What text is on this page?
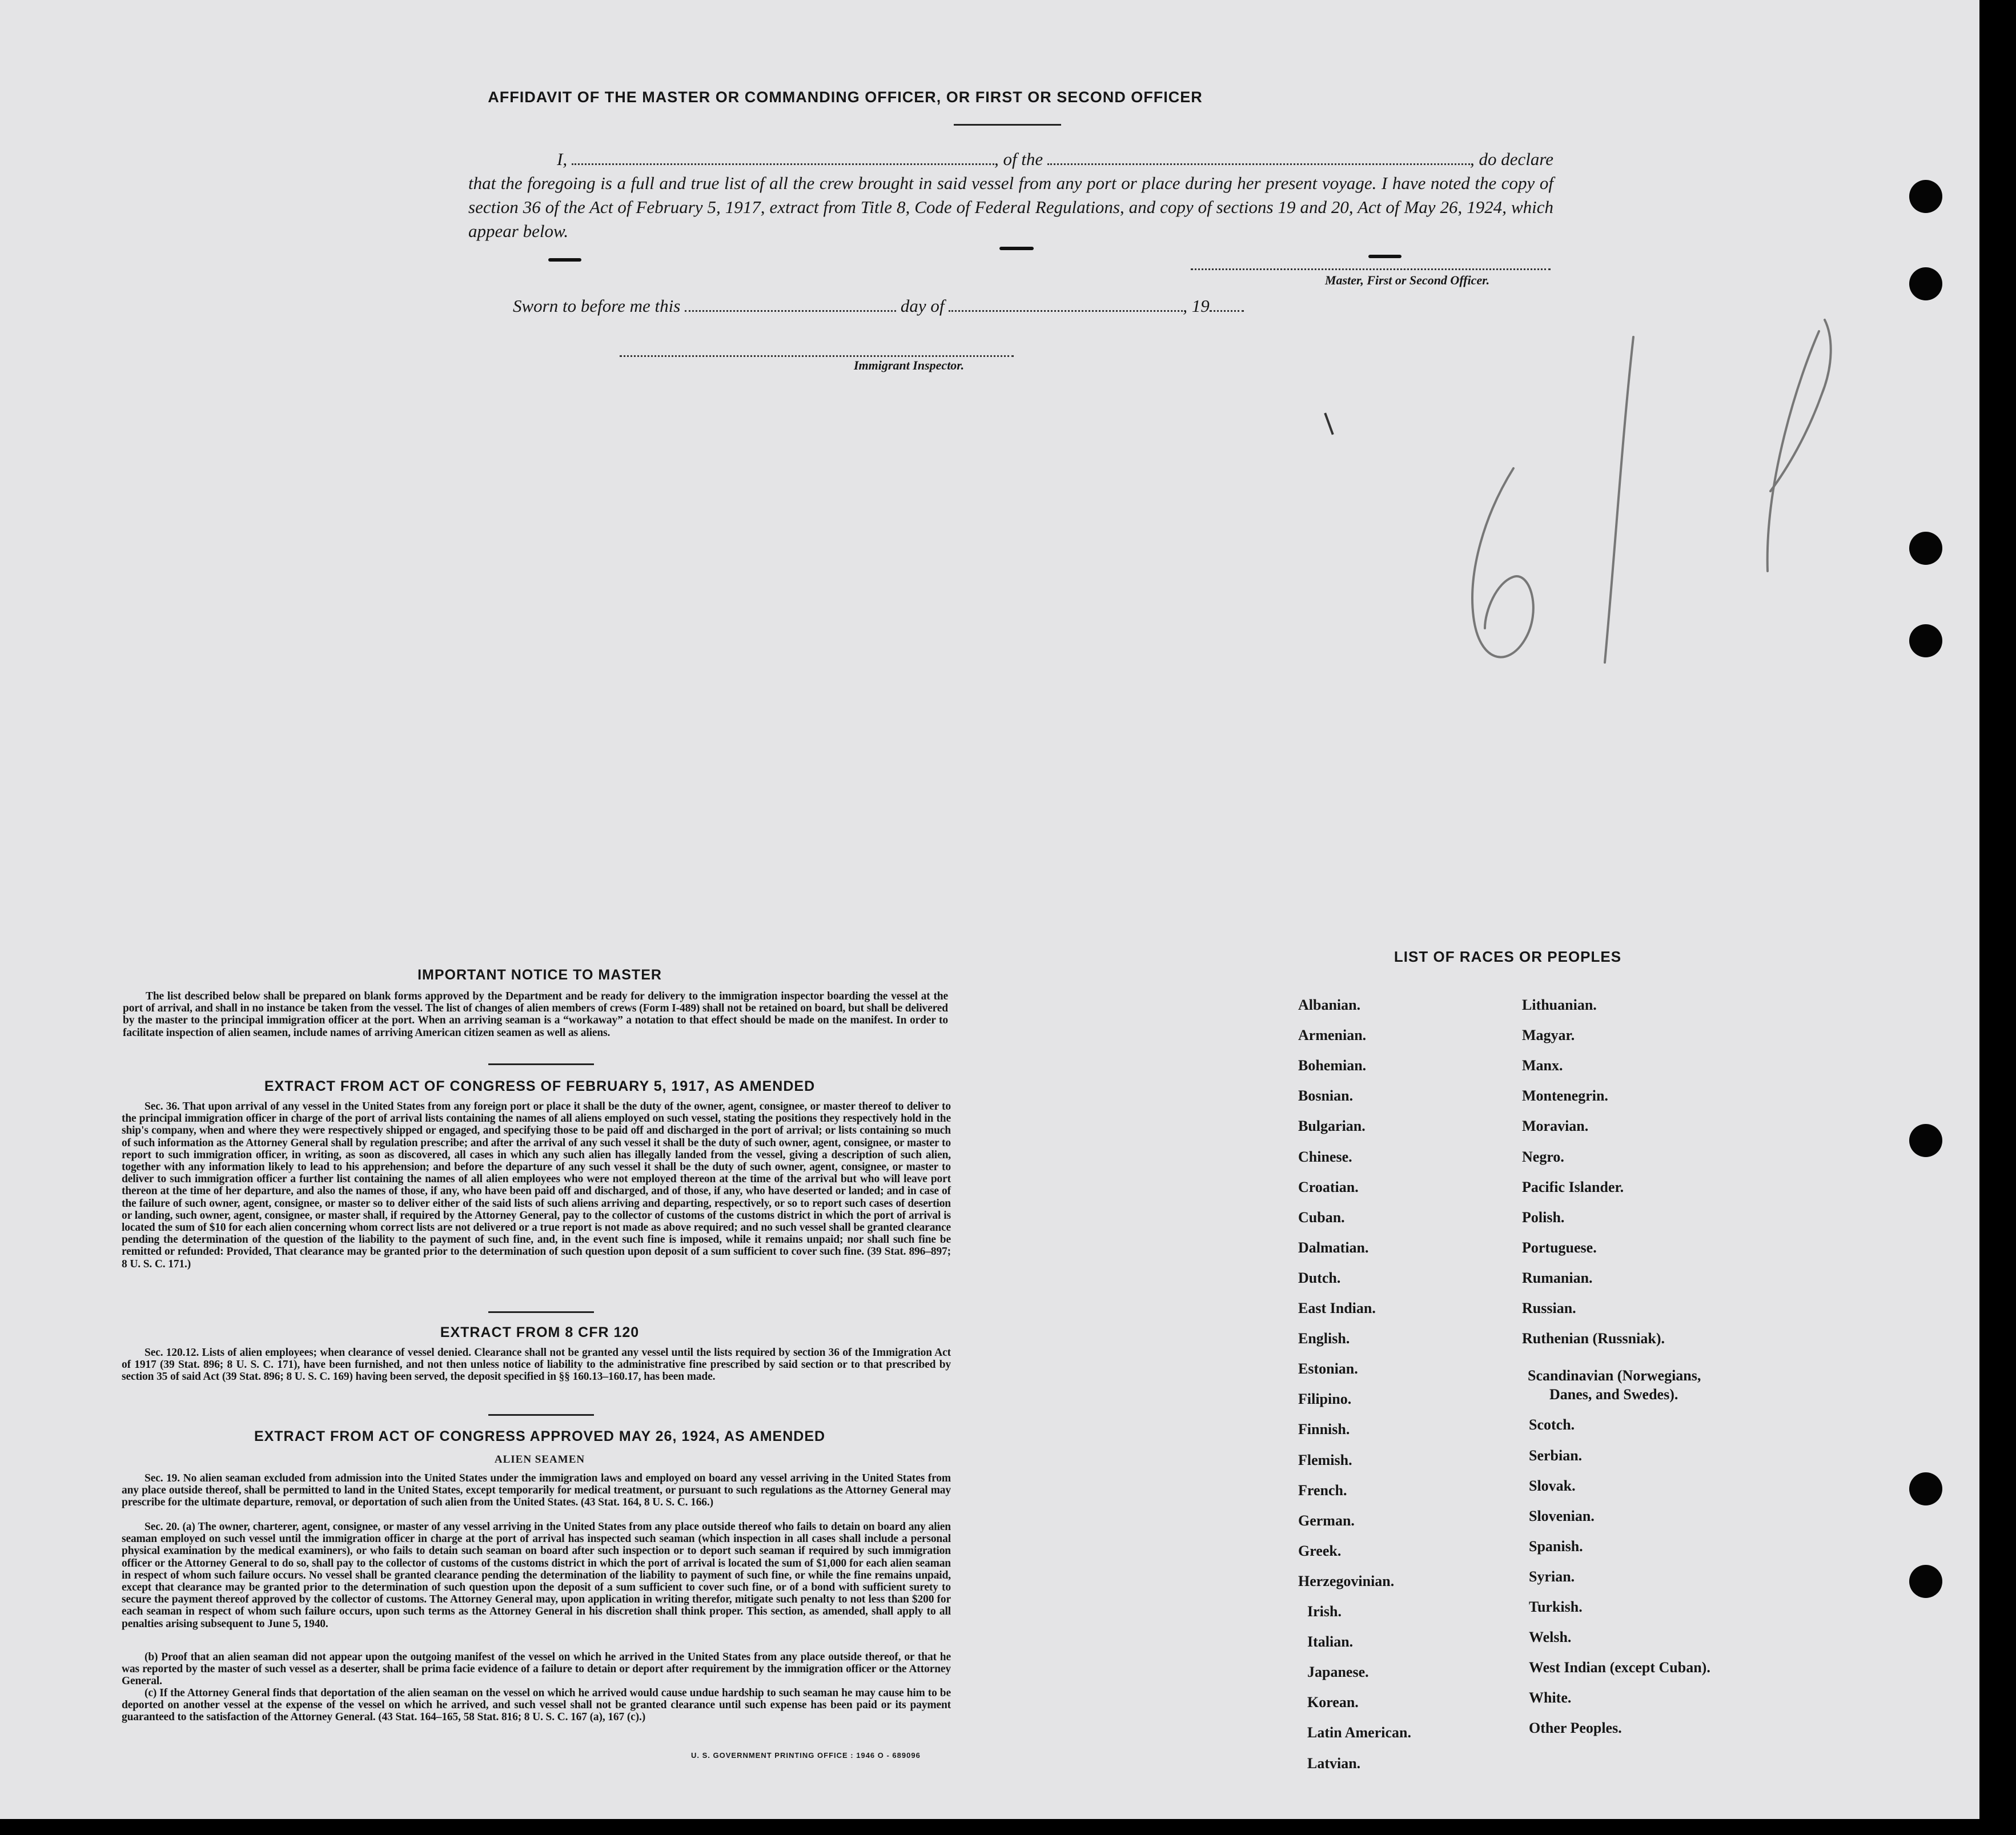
AFFIDAVIT OF THE MASTER OR COMMANDING OFFICER, OR FIRST OR SECOND OFFICER
I,	, of the	, do declare

that the foregoing is a full and true list of all the crew brought in said vessel from any port or place during her present voyage. I have noted the copy of section 36 of the Act of February 5, 1917, extract from Title 8, Code of Federal Regulations, and copy of sections 19 and 20, Act of May 26, 1924, which appear below.

Master, First or Second Officer.
Sworn to before me this	day of	, 19
Immigrant Inspector.
IMPORTANT NOTICE TO MASTER

The list described below shall be prepared on blank forms approved by the Department and be ready for delivery to the immigration inspector boarding the vessel at the port of arrival, and shall in no instance be taken from the vessel. The list of changes of alien members of crews (Form I-489) shall not be retained on board, but shall be delivered by the master to the principal immigration officer at the port. When an arriving seaman is a “workaway” a notation to that effect should be made on the manifest. In order to facilitate inspection of alien seamen, include names of arriving American citizen seamen as well as aliens.

EXTRACT FROM ACT OF CONGRESS OF FEBRUARY 5, 1917, AS AMENDED

Sec. 36. That upon arrival of any vessel in the United States from any foreign port or place it shall be the duty of the owner, agent, consignee, or master thereof to deliver to the principal immigration officer in charge of the port of arrival lists containing the names of all aliens employed on such vessel, stating the positions they respectively hold in the ship's company, when and where they were respectively shipped or engaged, and specifying those to be paid off and discharged in the port of arrival; or lists containing so much of such information as the Attorney General shall by regulation prescribe; and after the arrival of any such vessel it shall be the duty of such owner, agent, consignee, or master to report to such immigration officer, in writing, as soon as discovered, all cases in which any such alien has illegally landed from the vessel, giving a description of such alien, together with any information likely to lead to his apprehension; and before the departure of any such vessel it shall be the duty of such owner, agent, consignee, or master to deliver to such immigration officer a further list containing the names of all alien employees who were not employed thereon at the time of the arrival but who will leave port thereon at the time of her departure, and also the names of those, if any, who have been paid off and discharged, and of those, if any, who have deserted or landed; and in case of the failure of such owner, agent, consignee, or master so to deliver either of the said lists of such aliens arriving and departing, respectively, or so to report such cases of desertion or landing, such owner, agent, consignee, or master shall, if required by the Attorney General, pay to the collector of customs of the customs district in which the port of arrival is located the sum of $10 for each alien concerning whom correct lists are not delivered or a true report is not made as above required; and no such vessel shall be granted clearance pending the determination of the question of the liability to the payment of such fine, and, in the event such fine is imposed, while it remains unpaid; nor shall such fine be remitted or refunded: Provided, That clearance may be granted prior to the determination of such question upon deposit of a sum sufficient to cover such fine. (39 Stat. 896–897; 8 U. S. C. 171.)

EXTRACT FROM 8 CFR 120

Sec. 120.12. Lists of alien employees; when clearance of vessel denied. Clearance shall not be granted any vessel until the lists required by section 36 of the Immigration Act of 1917 (39 Stat. 896; 8 U. S. C. 171), have been furnished, and not then unless notice of liability to the administrative fine prescribed by said section or to that prescribed by section 35 of said Act (39 Stat. 896; 8 U. S. C. 169) having been served, the deposit specified in §§ 160.13–160.17, has been made.

EXTRACT FROM ACT OF CONGRESS APPROVED MAY 26, 1924, AS AMENDED
ALIEN SEAMEN

Sec. 19. No alien seaman excluded from admission into the United States under the immigration laws and employed on board any vessel arriving in the United States from any place outside thereof, shall be permitted to land in the United States, except temporarily for medical treatment, or pursuant to such regulations as the Attorney General may prescribe for the ultimate departure, removal, or deportation of such alien from the United States. (43 Stat. 164, 8 U. S. C. 166.)

Sec. 20. (a) The owner, charterer, agent, consignee, or master of any vessel arriving in the United States from any place outside thereof who fails to detain on board any alien seaman employed on such vessel until the immigration officer in charge at the port of arrival has inspected such seaman (which inspection in all cases shall include a personal physical examination by the medical examiners), or who fails to detain such seaman on board after such inspection or to deport such seaman if required by such immigration officer or the Attorney General to do so, shall pay to the collector of customs of the customs district in which the port of arrival is located the sum of $1,000 for each alien seaman in respect of whom such failure occurs. No vessel shall be granted clearance pending the determination of the liability to payment of such fine, or while the fine remains unpaid, except that clearance may be granted prior to the determination of such question upon the deposit of a sum sufficient to cover such fine, or of a bond with sufficient surety to secure the payment thereof approved by the collector of customs. The Attorney General may, upon application in writing therefor, mitigate such penalty to not less than $200 for each seaman in respect of whom such failure occurs, upon such terms as the Attorney General in his discretion shall think proper. This section, as amended, shall apply to all penalties arising subsequent to June 5, 1940.

(b) Proof that an alien seaman did not appear upon the outgoing manifest of the vessel on which he arrived in the United States from any place outside thereof, or that he was reported by the master of such vessel as a deserter, shall be prima facie evidence of a failure to detain or deport after requirement by the immigration officer or the Attorney General.

(c) If the Attorney General finds that deportation of the alien seaman on the vessel on which he arrived would cause undue hardship to such seaman he may cause him to be deported on another vessel at the expense of the vessel on which he arrived, and such vessel shall not be granted clearance until such expense has been paid or its payment guaranteed to the satisfaction of the Attorney General. (43 Stat. 164–165, 58 Stat. 816; 8 U. S. C. 167 (a), 167 (c).)

U. S. GOVERNMENT PRINTING OFFICE : 1946 O - 689096
LIST OF RACES OR PEOPLES
Albanian.
Armenian.
Bohemian.
Bosnian.
Bulgarian.
Chinese.
Croatian.
Cuban.
Dalmatian.
Dutch.
East Indian.
English.
Estonian.
Filipino.
Finnish.
Flemish.
French.
German.
Greek.
Herzegovinian.
Irish.
Italian.
Japanese.
Korean.
Latin American.
Latvian.
Lithuanian.
Magyar.
Manx.
Montenegrin.
Moravian.
Negro.
Pacific Islander.
Polish.
Portuguese.
Rumanian.
Russian.
Ruthenian (Russniak).
Scandinavian (Norwegians,
Danes, and Swedes).
Scotch.
Serbian.
Slovak.
Slovenian.
Spanish.
Syrian.
Turkish.
Welsh.
West Indian (except Cuban).
White.
Other Peoples.
